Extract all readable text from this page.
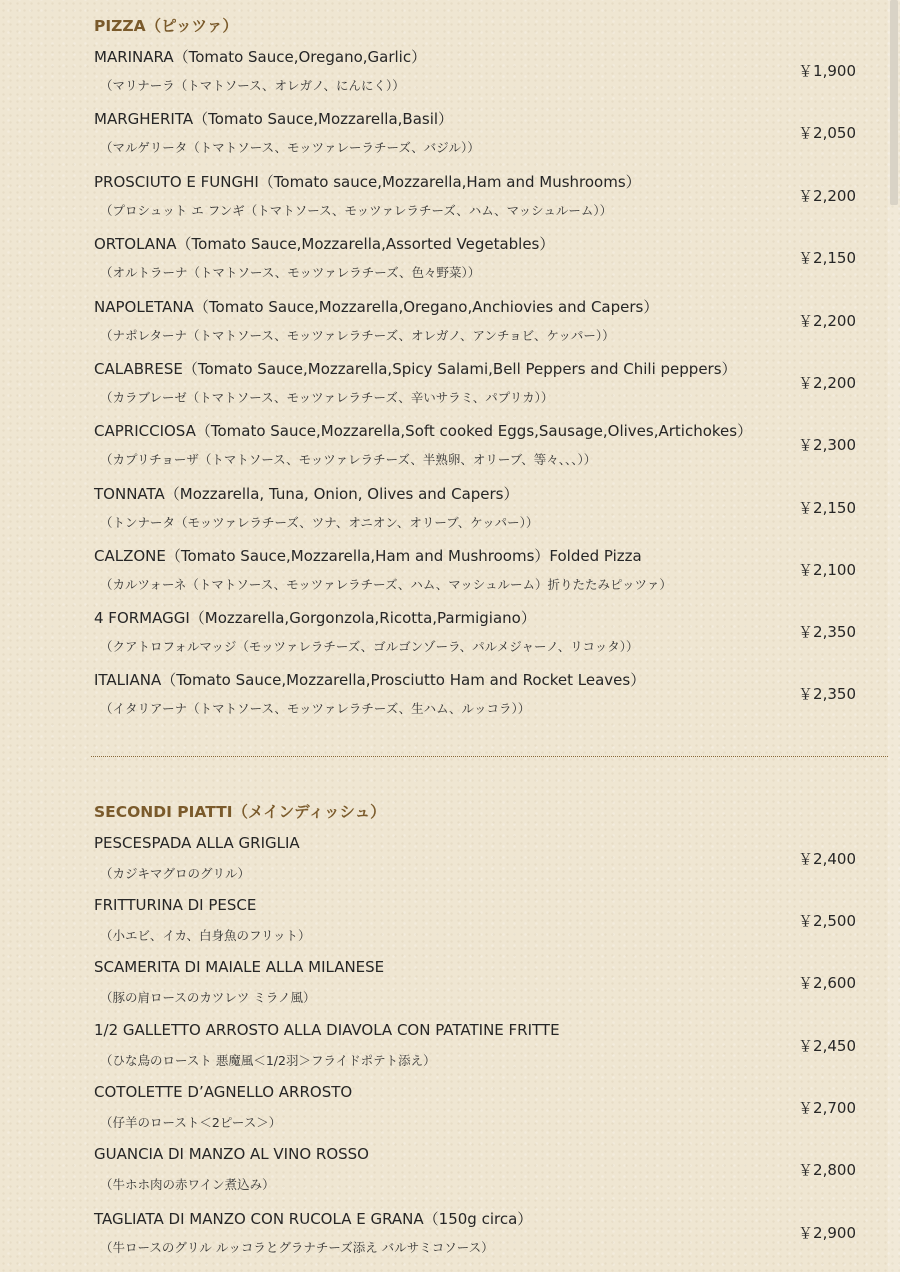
PIZZA（ピッツァ）
MARINARA（Tomato Sauce,Oregano,Garlic）
（マリナーラ（トマトソース、オレガノ、にんにく））
￥1,900
MARGHERITA（Tomato Sauce,Mozzarella,Basil）
（マルゲリータ（トマトソース、モッツァレーラチーズ、バジル））
￥2,050
PROSCIUTO E FUNGHI（Tomato sauce,Mozzarella,Ham and Mushrooms）
（プロシュット エ フンギ（トマトソース、モッツァレラチーズ、ハム、マッシュルーム））
￥2,200
ORTOLANA（Tomato Sauce,Mozzarella,Assorted Vegetables）
（オルトラーナ（トマトソース、モッツァレラチーズ、色々野菜））
￥2,150
NAPOLETANA（Tomato Sauce,Mozzarella,Oregano,Anchiovies and Capers）
（ナポレターナ（トマトソース、モッツァレラチーズ、オレガノ、アンチョビ、ケッパー））
￥2,200
CALABRESE（Tomato Sauce,Mozzarella,Spicy Salami,Bell Peppers and Chili peppers）
（カラブレーゼ（トマトソース、モッツァレラチーズ、辛いサラミ、パプリカ））
￥2,200
CAPRICCIOSA（Tomato Sauce,Mozzarella,Soft cooked Eggs,Sausage,Olives,Artichokes）
（カプリチョーザ（トマトソース、モッツァレラチーズ、半熟卵、オリーブ、等々、、、））
￥2,300
TONNATA（Mozzarella, Tuna, Onion, Olives and Capers）
（トンナータ（モッツァレラチーズ、ツナ、オニオン、オリーブ、ケッパー））
￥2,150
CALZONE（Tomato Sauce,Mozzarella,Ham and Mushrooms）Folded Pizza
（カルツォーネ（トマトソース、モッツァレラチーズ、ハム、マッシュルーム）折りたたみピッツァ）
￥2,100
4 FORMAGGI（Mozzarella,Gorgonzola,Ricotta,Parmigiano）
（クアトロフォルマッジ（モッツァレラチーズ、ゴルゴンゾーラ、パルメジャーノ、リコッタ））
￥2,350
ITALIANA（Tomato Sauce,Mozzarella,Prosciutto Ham and Rocket Leaves）
（イタリアーナ（トマトソース、モッツァレラチーズ、生ハム、ルッコラ））
￥2,350
SECONDI PIATTI（メインディッシュ）
PESCESPADA ALLA GRIGLIA
（カジキマグロのグリル）
￥2,400
FRITTURINA DI PESCE
（小エビ、イカ、白身魚のフリット）
￥2,500
SCAMERITA DI MAIALE ALLA MILANESE
（豚の肩ロースのカツレツ ミラノ風）
￥2,600
1/2 GALLETTO ARROSTO ALLA DIAVOLA CON PATATINE FRITTE
（ひな鳥のロースト 悪魔風＜1/2羽＞フライドポテト添え）
￥2,450
COTOLETTE D’AGNELLO ARROSTO
（仔羊のロースト＜2ピース＞）
￥2,700
GUANCIA DI MANZO AL VINO ROSSO
（牛ホホ肉の赤ワイン煮込み）
￥2,800
TAGLIATA DI MANZO CON RUCOLA E GRANA（150g circa）
（牛ロースのグリル ルッコラとグラナチーズ添え バルサミコソース）
￥2,900
